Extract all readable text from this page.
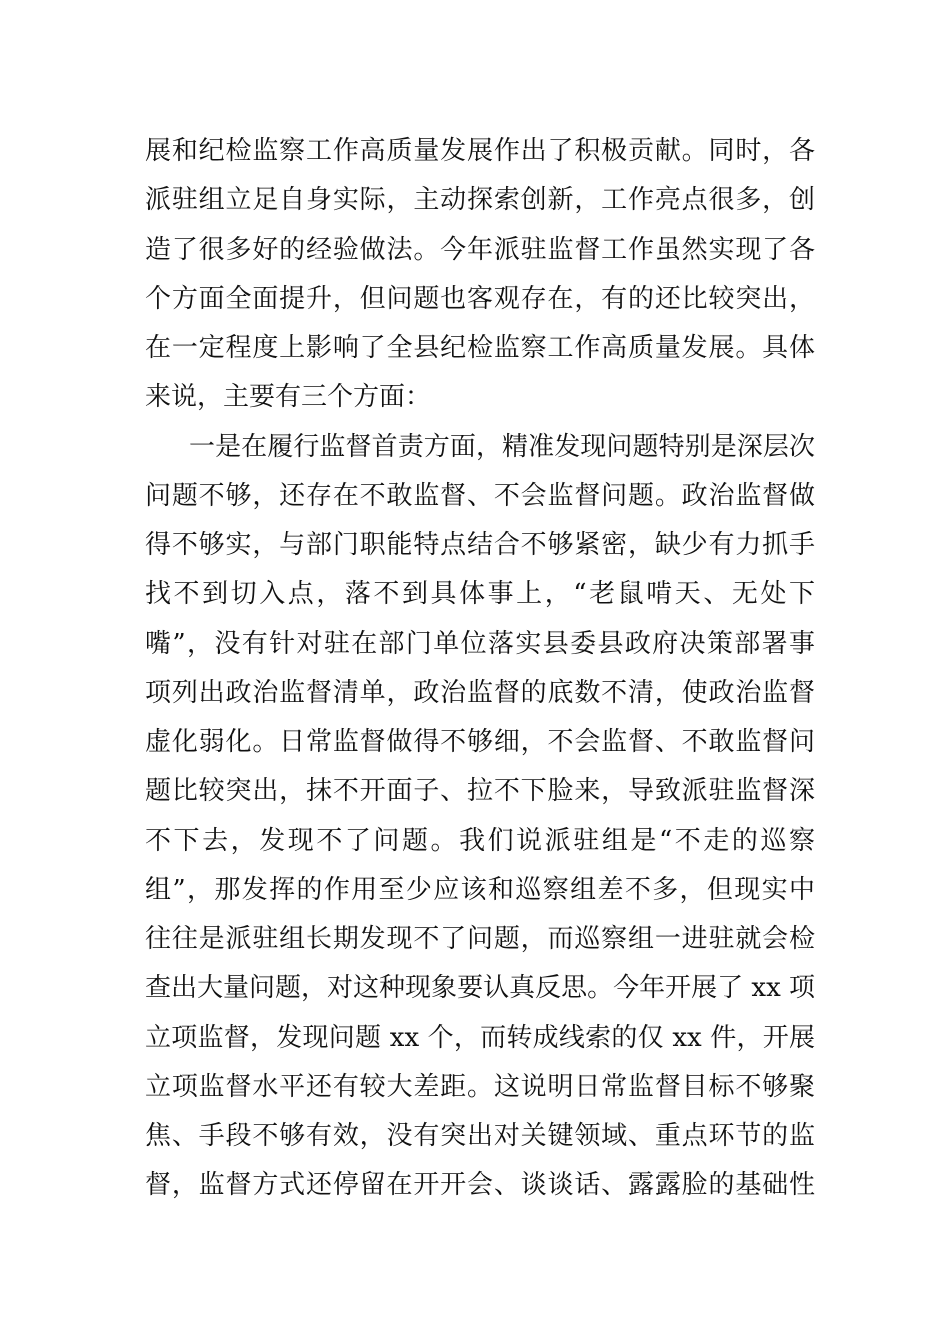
展和纪检监察工作高质量发展作出了积极贡献。同时，各
派驻组立足自身实际，主动探索创新，工作亮点很多，创
造了很多好的经验做法。今年派驻监督工作虽然实现了各
个方面全面提升，但问题也客观存在，有的还比较突出，
在一定程度上影响了全县纪检监察工作高质量发展。具体
来说，主要有三个方面：
一是在履行监督首责方面，精准发现问题特别是深层次
问题不够，还存在不敢监督、不会监督问题。政治监督做
得不够实，与部门职能特点结合不够紧密，缺少有力抓手
找不到切入点，落不到具体事上，“老鼠啃天、无处下
嘴”，没有针对驻在部门单位落实县委县政府决策部署事
项列出政治监督清单，政治监督的底数不清，使政治监督
虚化弱化。日常监督做得不够细，不会监督、不敢监督问
题比较突出，抹不开面子、拉不下脸来，导致派驻监督深
不下去，发现不了问题。我们说派驻组是“不走的巡察
组”，那发挥的作用至少应该和巡察组差不多，但现实中
往往是派驻组长期发现不了问题，而巡察组一进驻就会检
查出大量问题，对这种现象要认真反思。今年开展了 xx 项
立项监督，发现问题 xx 个，而转成线索的仅 xx 件，开展
立项监督水平还有较大差距。这说明日常监督目标不够聚
焦、手段不够有效，没有突出对关键领域、重点环节的监
督，监督方式还停留在开开会、谈谈话、露露脸的基础性
